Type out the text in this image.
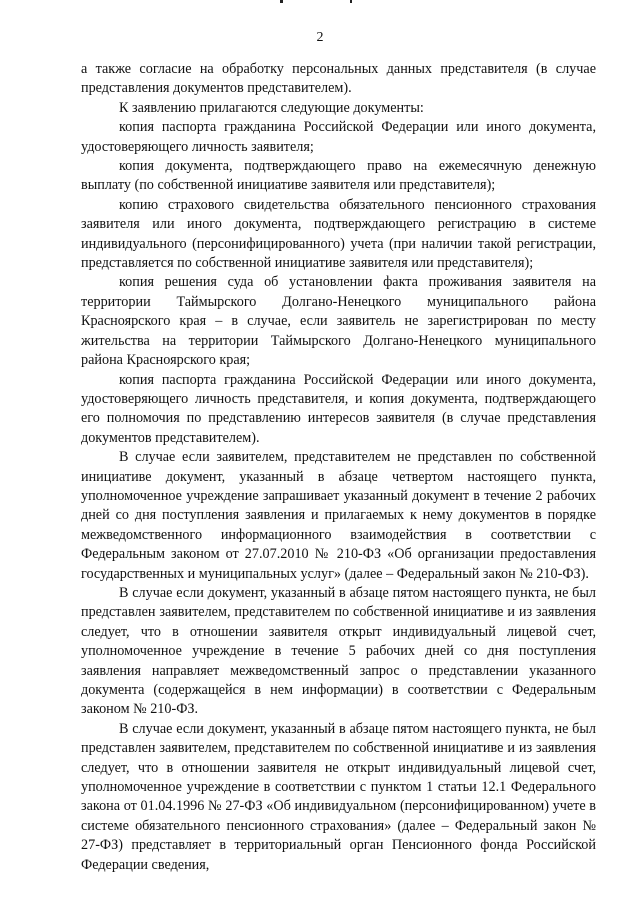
2

а также согласие на обработку персональных данных представителя (в случае представления документов представителем).

К заявлению прилагаются следующие документы:

копия паспорта гражданина Российской Федерации или иного документа, удостоверяющего личность заявителя;

копия документа, подтверждающего право на ежемесячную денежную выплату (по собственной инициативе заявителя или представителя);

копию страхового свидетельства обязательного пенсионного страхования заявителя или иного документа, подтверждающего регистрацию в системе индивидуального (персонифицированного) учета (при наличии такой регистрации, представляется по собственной инициативе заявителя или представителя);

копия решения суда об установлении факта проживания заявителя на территории Таймырского Долгано-Ненецкого муниципального района Красноярского края – в случае, если заявитель не зарегистрирован по месту жительства на территории Таймырского Долгано-Ненецкого муниципального района Красноярского края;

копия паспорта гражданина Российской Федерации или иного документа, удостоверяющего личность представителя, и копия документа, подтверждающего его полномочия по представлению интересов заявителя (в случае представления документов представителем).

В случае если заявителем, представителем не представлен по собственной инициативе документ, указанный в абзаце четвертом настоящего пункта, уполномоченное учреждение запрашивает указанный документ в течение 2 рабочих дней со дня поступления заявления и прилагаемых к нему документов в порядке межведомственного информационного взаимодействия в соответствии с Федеральным законом от 27.07.2010 № 210-ФЗ «Об организации предоставления государственных и муниципальных услуг» (далее – Федеральный закон № 210-ФЗ).

В случае если документ, указанный в абзаце пятом настоящего пункта, не был представлен заявителем, представителем по собственной инициативе и из заявления следует, что в отношении заявителя открыт индивидуальный лицевой счет, уполномоченное учреждение в течение 5 рабочих дней со дня поступления заявления направляет межведомственный запрос о представлении указанного документа (содержащейся в нем информации) в соответствии с Федеральным законом № 210-ФЗ.

В случае если документ, указанный в абзаце пятом настоящего пункта, не был представлен заявителем, представителем по собственной инициативе и из заявления следует, что в отношении заявителя не открыт индивидуальный лицевой счет, уполномоченное учреждение в соответствии с пунктом 1 статьи 12.1 Федерального закона от 01.04.1996 № 27-ФЗ «Об индивидуальном (персонифицированном) учете в системе обязательного пенсионного страхования» (далее – Федеральный закон № 27-ФЗ) представляет в территориальный орган Пенсионного фонда Российской Федерации сведения,
